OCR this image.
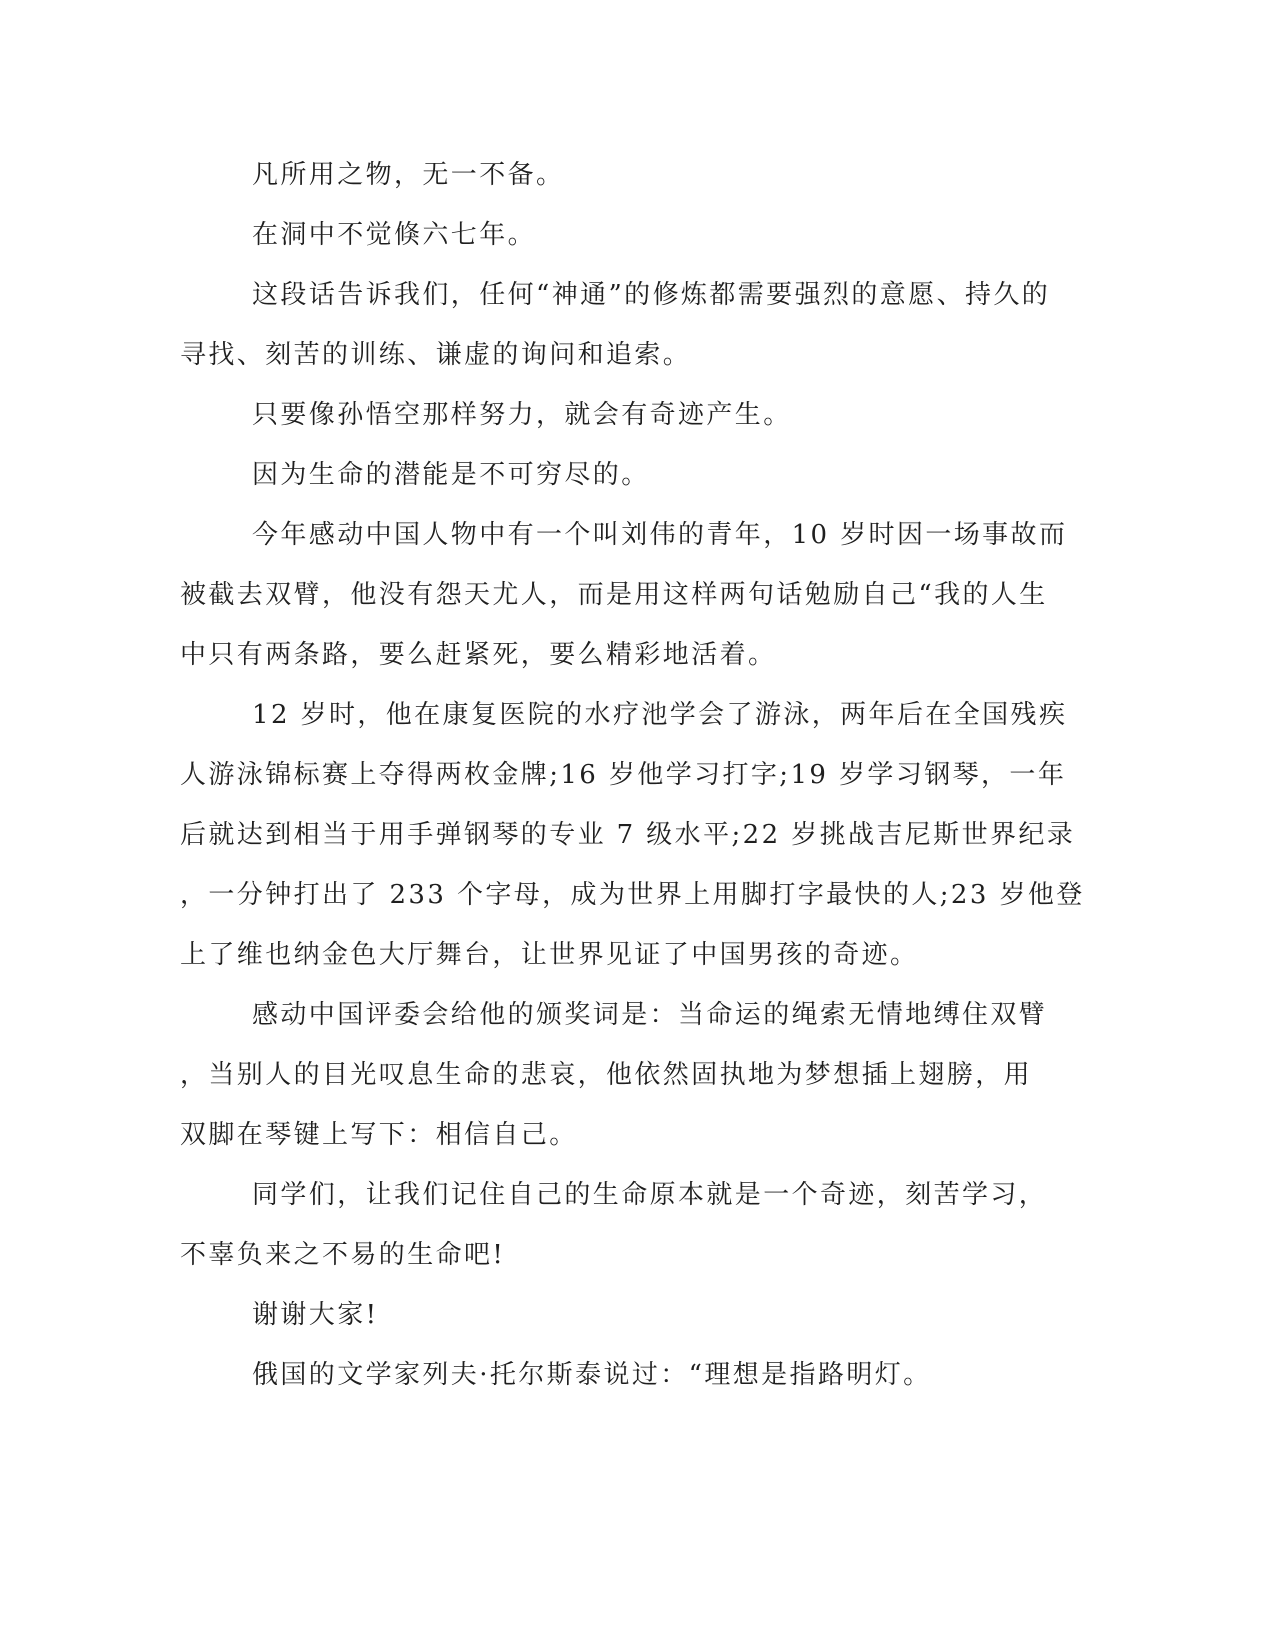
凡所用之物，无一不备。
在洞中不觉倏六七年。
这段话告诉我们，任何“神通”的修炼都需要强烈的意愿、持久的
寻找、刻苦的训练、谦虚的询问和追索。
只要像孙悟空那样努力，就会有奇迹产生。
因为生命的潜能是不可穷尽的。
今年感动中国人物中有一个叫刘伟的青年，10 岁时因一场事故而
被截去双臂，他没有怨天尤人，而是用这样两句话勉励自己“我的人生
中只有两条路，要么赶紧死，要么精彩地活着。
12 岁时，他在康复医院的水疗池学会了游泳，两年后在全国残疾
人游泳锦标赛上夺得两枚金牌;16 岁他学习打字;19 岁学习钢琴，一年
后就达到相当于用手弹钢琴的专业 7 级水平;22 岁挑战吉尼斯世界纪录
，一分钟打出了 233 个字母，成为世界上用脚打字最快的人;23 岁他登
上了维也纳金色大厅舞台，让世界见证了中国男孩的奇迹。
感动中国评委会给他的颁奖词是：当命运的绳索无情地缚住双臂
，当别人的目光叹息生命的悲哀，他依然固执地为梦想插上翅膀，用
双脚在琴键上写下：相信自己。
同学们，让我们记住自己的生命原本就是一个奇迹，刻苦学习，
不辜负来之不易的生命吧!
谢谢大家!
俄国的文学家列夫·托尔斯泰说过：“理想是指路明灯。
